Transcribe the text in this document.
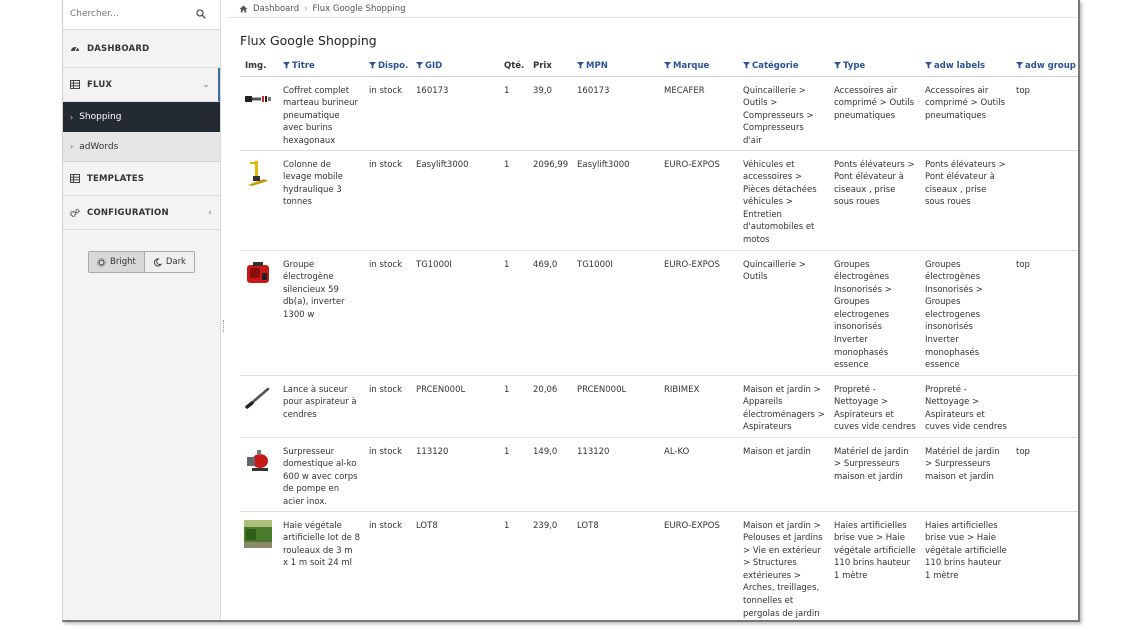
Chercher...
DASHBOARD
FLUX	⌄
› Shopping
› adWords
TEMPLATES
CONFIGURATION	‹
Bright	Dark
Dashboard › Flux Google Shopping
Flux Google Shopping
Img.	Titre	Dispo.	GID	Qté.	Prix	MPN	Marque	Catégorie	Type	adw labels	adw group

	Coffret complet marteau burineur pneumatique avec burins hexagonaux	in stock	160173	1	39,0	160173	MECAFER	Quincaillerie > Outils > Compresseurs > Compresseurs d'air	Accessoires air comprimé > Outils pneumatiques	Accessoires air comprimé > Outils pneumatiques	top

	Colonne de levage mobile hydraulique 3 tonnes	in stock	Easylift3000	1	2096,99	Easylift3000	EURO-EXPOS	Véhicules et accessoires > Pièces détachées véhicules > Entretien d'automobiles et motos	Ponts élévateurs > Pont élévateur à ciseaux , prise sous roues	Ponts élévateurs > Pont élévateur à ciseaux , prise sous roues	

	Groupe électrogène silencieux 59 db(a), inverter 1300 w	in stock	TG1000I	1	469,0	TG1000I	EURO-EXPOS	Quincaillerie > Outils	Groupes électrogènes Insonorisés > Groupes electrogenes insonorisés Inverter monophasés essence	Groupes électrogènes Insonorisés > Groupes electrogenes insonorisés Inverter monophasés essence	top

	Lance à suceur pour aspirateur à cendres	in stock	PRCEN000L	1	20,06	PRCEN000L	RIBIMEX	Maison et jardin > Appareils électroménagers > Aspirateurs	Propreté - Nettoyage > Aspirateurs et cuves vide cendres	Propreté - Nettoyage > Aspirateurs et cuves vide cendres	

	Surpresseur domestique al-ko 600 w avec corps de pompe en acier inox.	in stock	113120	1	149,0	113120	AL-KO	Maison et jardin	Matériel de jardin > Surpresseurs maison et jardin	Matériel de jardin > Surpresseurs maison et jardin	top

	Haie végétale artificielle lot de 8 rouleaux de 3 m x 1 m soit 24 ml	in stock	LOT8	1	239,0	LOT8	EURO-EXPOS	Maison et jardin > Pelouses et jardins > Vie en extérieur > Structures extérieures > Arches, treillages, tonnelles et pergolas de jardin	Haies artificielles brise vue > Haie végétale artificielle 110 brins hauteur 1 mètre	Haies artificielles brise vue > Haie végétale artificielle 110 brins hauteur 1 mètre	
